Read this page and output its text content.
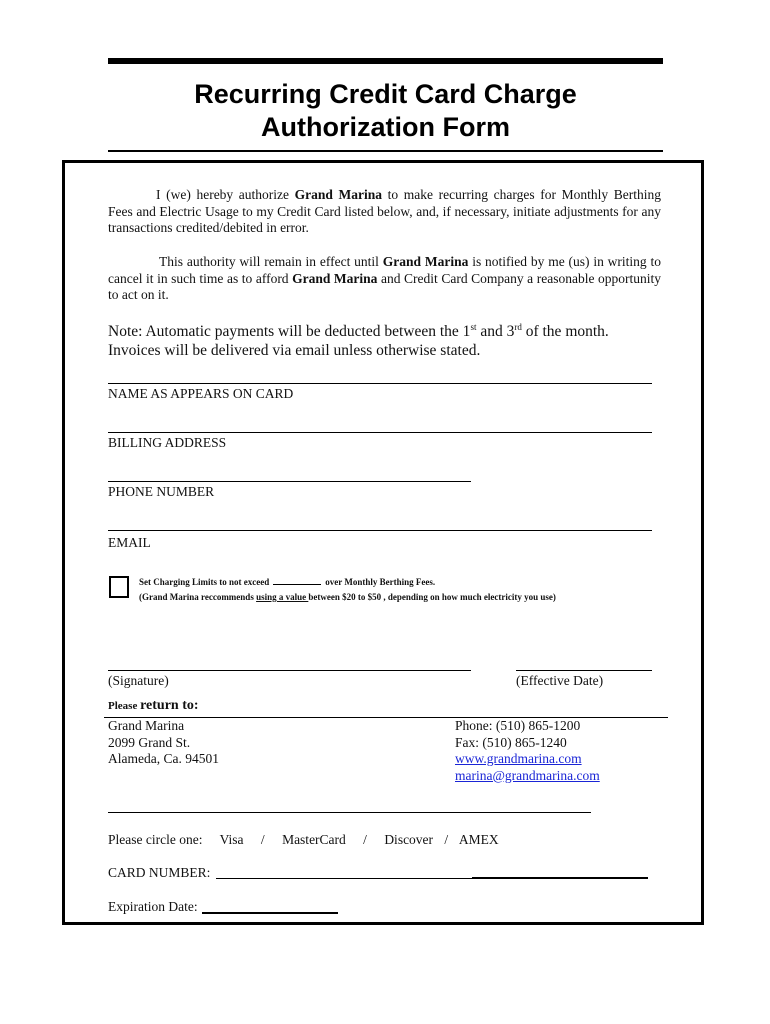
Recurring Credit Card Charge
Authorization Form
I (we) hereby authorize Grand Marina to make recurring charges for Monthly Berthing Fees and Electric Usage to my Credit Card listed below, and, if necessary, initiate adjustments for any transactions credited/debited in error.
This authority will remain in effect until Grand Marina is notified by me (us) in writing to cancel it in such time as to afford Grand Marina and Credit Card Company a reasonable opportunity to act on it.
Note: Automatic payments will be deducted between the 1st and 3rd of the month.
Invoices will be delivered via email unless otherwise stated.
NAME AS APPEARS ON CARD
BILLING ADDRESS
PHONE NUMBER
EMAIL
Set Charging Limits to not exceed	over Monthly Berthing Fees.
(Grand Marina reccommends using a value between $20 to $50 , depending on how much electricity you use)
(Signature)	(Effective Date)
Please return to:
Grand Marina
2099 Grand St.
Alameda, Ca. 94501
Phone: (510) 865-1200
Fax: (510) 865-1240
www.grandmarina.com
marina@grandmarina.com
Please circle one: Visa / MasterCard / Discover / AMEX
CARD NUMBER:
Expiration Date:
